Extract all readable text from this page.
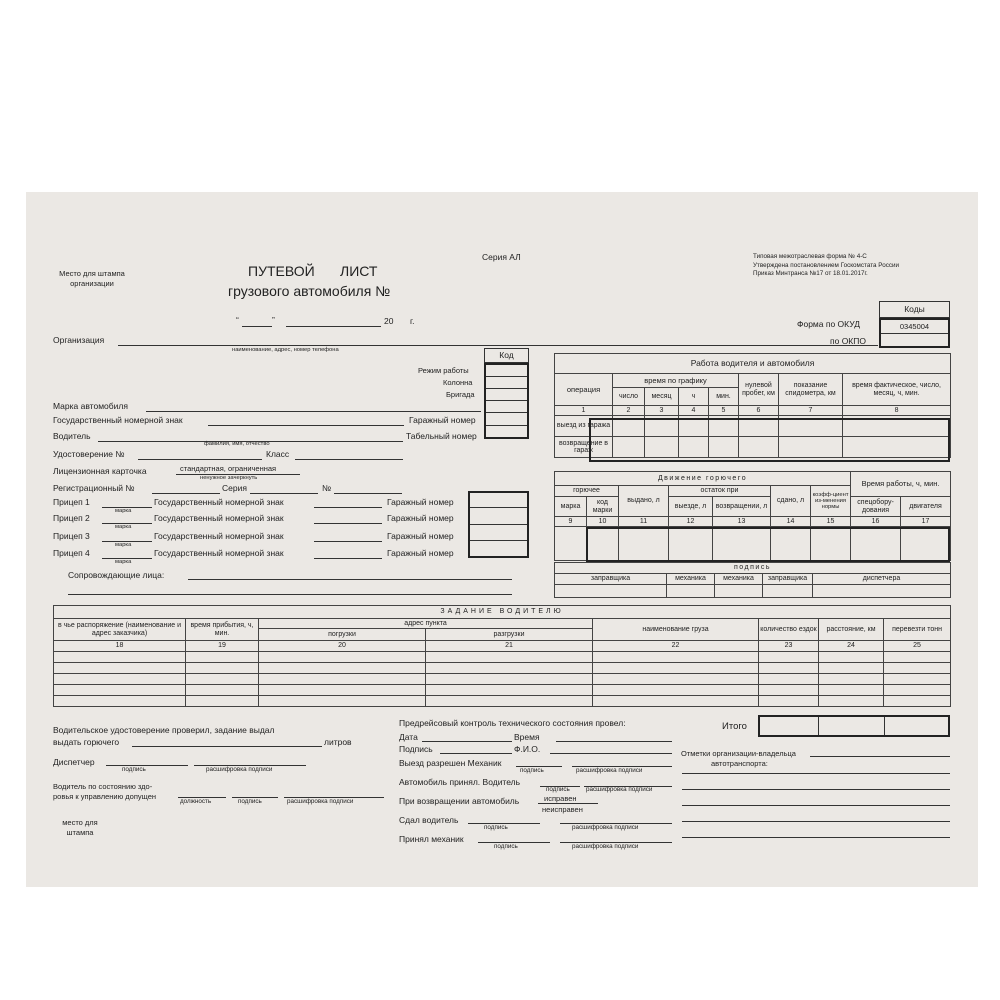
Место для штампа
организации
ПУТЕВОЙ ЛИСТ
грузового автомобиля №
Серия АЛ	Типовая межотраслевая форма № 4-С
Утверждена постановлением Госкомстата России
Приказ Минтранса №17 от 18.01.2017г.
“	”	20 г.
Коды
0345004
Форма по ОКУД
по ОКПО
Организация
наименование, адрес, номер телефона	Код
Режим работы
Колонна
Бригада
Марка автомобиля
Государственный номерной знак	Гаражный номер
Водитель
фамилия, имя, отчество
Табельный номер
Удостоверение №	Класс
Лицензионная карточка	стандартная, ограниченная
ненужное зачеркнуть
Регистрационный №	Серия	№
Прицеп 1
марка
Государственный номерной знак	Гаражный номер
Прицеп 2
марка
Государственный номерной знак	Гаражный номер
Прицеп 3
марка
Государственный номерной знак	Гаражный номер
Прицеп 4
марка
Государственный номерной знак	Гаражный номер
Сопровождающие лица:
Работа водителя и автомобиля							
операция	время по графику				нулевой пробег, км	показание спидометра, км	время фактическое, число, месяц, ч, мин.
	число	месяц	ч	мин.			
1	2	3	4	5	6	7	8
выезд из гаража							
возвращение в гараж							
Движение горючего							Время работы, ч, мин.	
горючее		выдано, л	остаток при		сдано, л	коэфф-циент из-менения нормы		
марка	код марки		выезде, л	возвращении, л			спецобору-дования	двигателя
9	10	11	12	13	14	15	16	17

подпись				
заправщика	механика	механика	заправщика	диспетчера

ЗАДАНИЕ ВОДИТЕЛЮ							
в чье распоряжение (наименование и адрес заказчика)	время прибытия, ч, мин.	адрес пункта		наименование груза	количество ездок	расстояние, км	перевезти тонн
		погрузки	разгрузки				
18	19	20	21	22	23	24	25

Итого
Водительское удостоверение проверил, задание выдал
выдать горючего	литров
Диспетчер
подпись	расшифровка подписи
Водитель по состоянию здо-
ровья к управлению допущен
должность	подпись	расшифровка подписи
место для
штампа
Предрейсовый контроль технического состояния провел:
Дата	Время
Подпись	Ф.И.О.
Выезд разрешен Механик
подпись	расшифровка подписи
Автомобиль принял. Водитель
подпись	расшифровка подписи
При возвращении автомобиль	исправен
неисправен
Сдал водитель
подпись	расшифровка подписи
Принял механик
подпись	расшифровка подписи
Отметки организации-владельца
автотранспорта:
